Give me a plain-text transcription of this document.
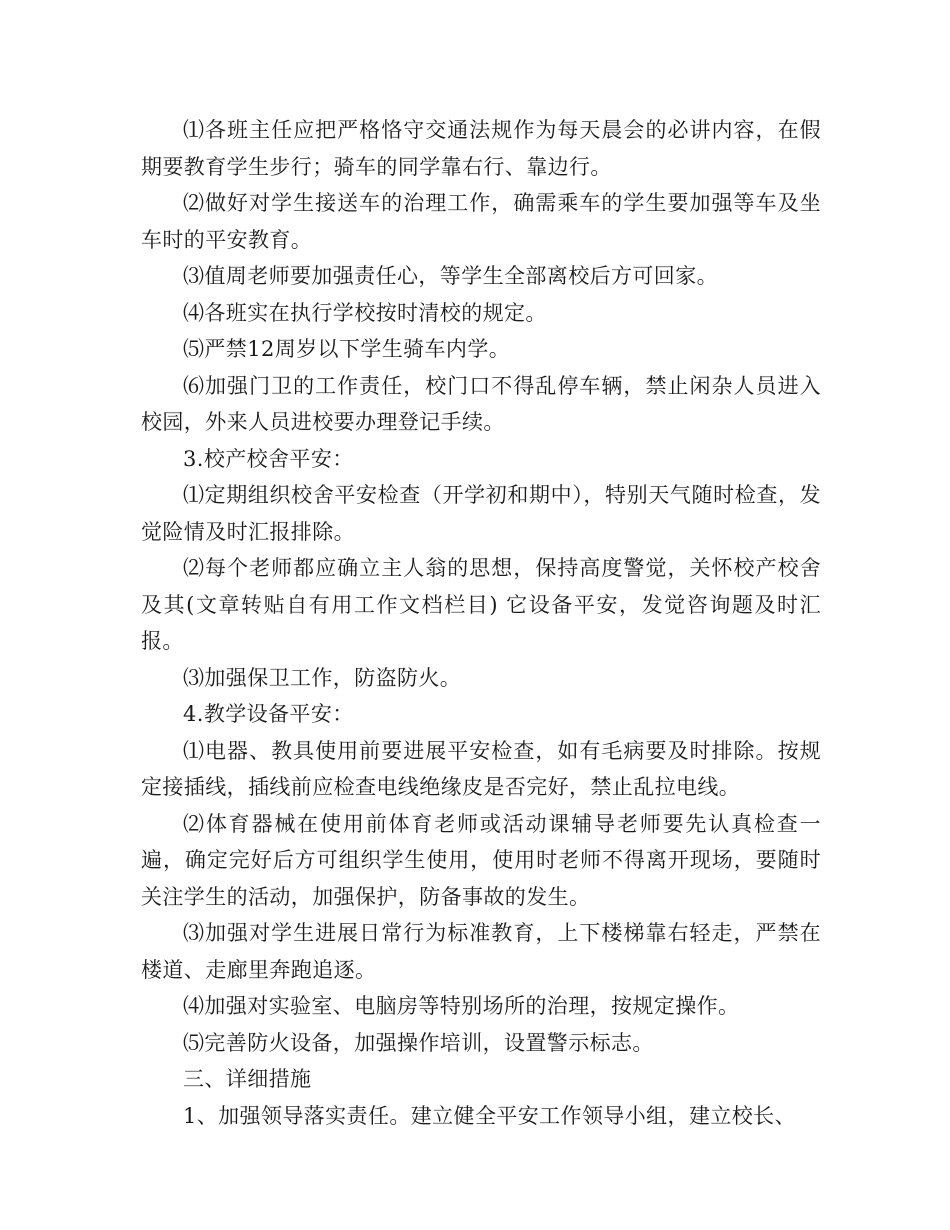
⑴各班主任应把严格恪守交通法规作为每天晨会的必讲内容，在假期要教育学生步行；骑车的同学靠右行、靠边行。

⑵做好对学生接送车的治理工作，确需乘车的学生要加强等车及坐车时的平安教育。

⑶值周老师要加强责任心，等学生全部离校后方可回家。

⑷各班实在执行学校按时清校的规定。

⑸严禁12周岁以下学生骑车内学。

⑹加强门卫的工作责任，校门口不得乱停车辆，禁止闲杂人员进入校园，外来人员进校要办理登记手续。

3.校产校舍平安：

⑴定期组织校舍平安检查（开学初和期中），特别天气随时检查，发觉险情及时汇报排除。

⑵每个老师都应确立主人翁的思想，保持高度警觉，关怀校产校舍及其(文章转贴自有用工作文档栏目) 它设备平安，发觉咨询题及时汇报。

⑶加强保卫工作，防盗防火。

4.教学设备平安：

⑴电器、教具使用前要进展平安检查，如有毛病要及时排除。按规定接插线，插线前应检查电线绝缘皮是否完好，禁止乱拉电线。

⑵体育器械在使用前体育老师或活动课辅导老师要先认真检查一遍，确定完好后方可组织学生使用，使用时老师不得离开现场，要随时关注学生的活动，加强保护，防备事故的发生。

⑶加强对学生进展日常行为标准教育，上下楼梯靠右轻走，严禁在楼道、走廊里奔跑追逐。

⑷加强对实验室、电脑房等特别场所的治理，按规定操作。

⑸完善防火设备，加强操作培训，设置警示标志。

三、详细措施

1、加强领导落实责任。建立健全平安工作领导小组，建立校长、
